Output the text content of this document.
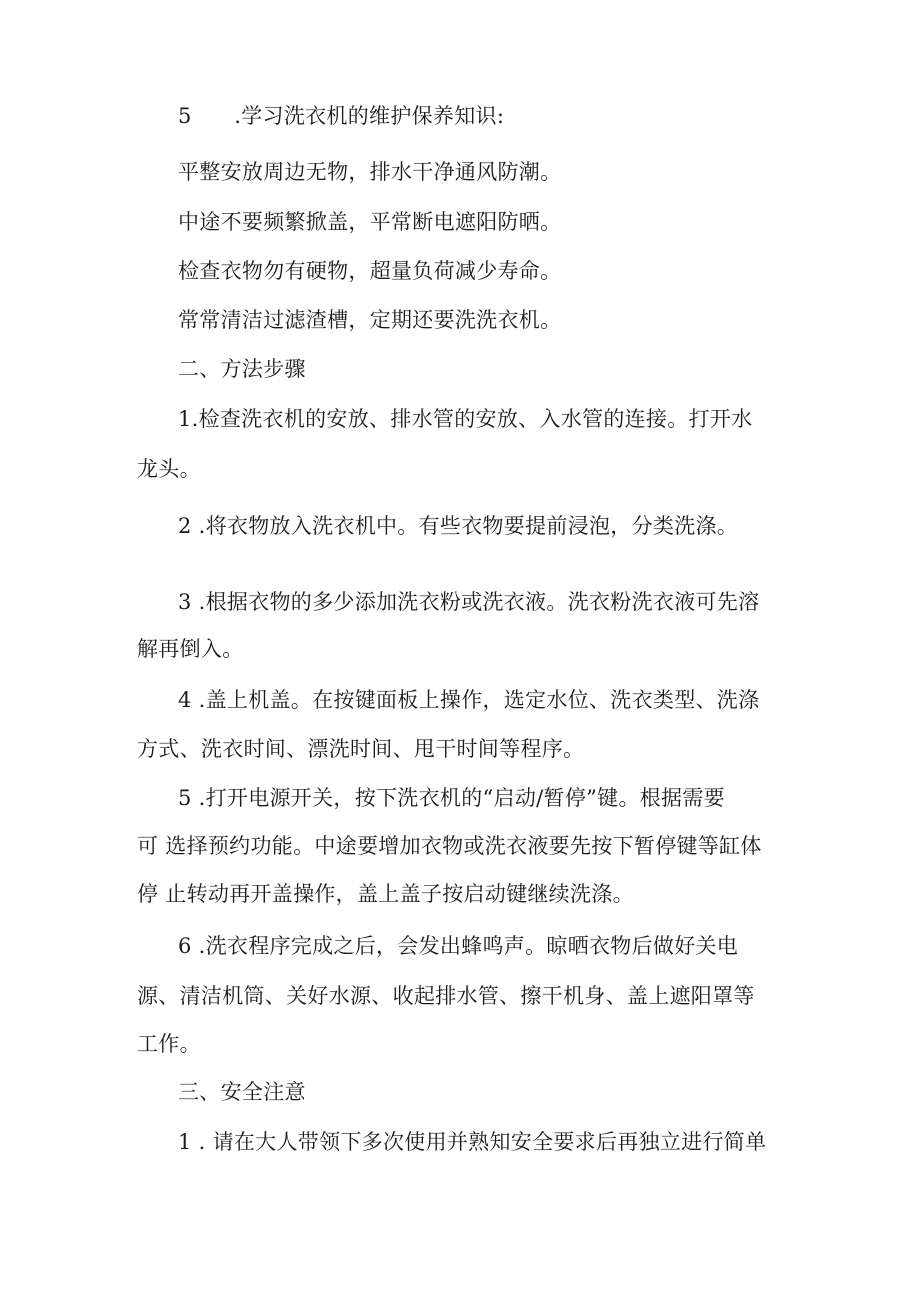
5　　.学习洗衣机的维护保养知识:
平整安放周边无物，排水干净通风防潮。
中途不要频繁掀盖，平常断电遮阳防晒。
检查衣物勿有硬物，超量负荷减少寿命。
常常清洁过滤渣槽，定期还要洗洗衣机。
二、方法步骤
1.检查洗衣机的安放、排水管的安放、入水管的连接。打开水
龙头。
2 .将衣物放入洗衣机中。有些衣物要提前浸泡，分类洗涤。
3 .根据衣物的多少添加洗衣粉或洗衣液。洗衣粉洗衣液可先溶
解再倒入。
4 .盖上机盖。在按键面板上操作，选定水位、洗衣类型、洗涤
方式、洗衣时间、漂洗时间、甩干时间等程序。
5 .打开电源开关，按下洗衣机的“启动/暂停”键。根据需要
可 选择预约功能。中途要增加衣物或洗衣液要先按下暂停键等缸体
停 止转动再开盖操作，盖上盖子按启动键继续洗涤。
6 .洗衣程序完成之后，会发出蜂鸣声。晾晒衣物后做好关电
源、清洁机筒、关好水源、收起排水管、擦干机身、盖上遮阳罩等
工作。
三、安全注意
1 . 请在大人带领下多次使用并熟知安全要求后再独立进行简单
